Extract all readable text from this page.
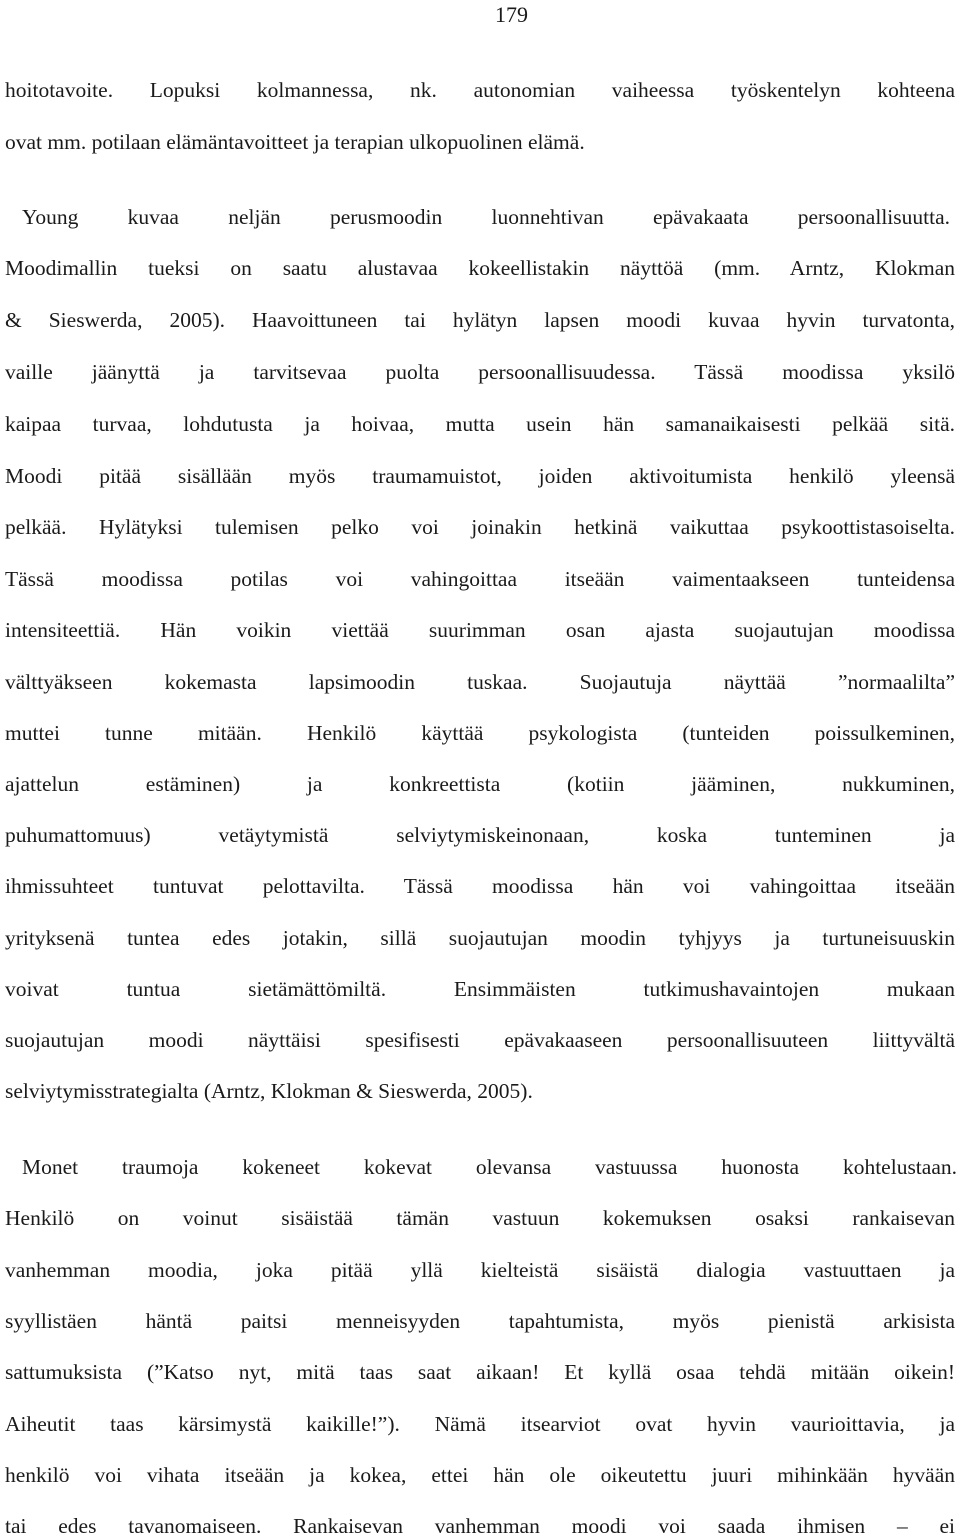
179
hoitotavoite. Lopuksi kolmannessa, nk. autonomian vaiheessa työskentelyn kohteena
ovat mm. potilaan elämäntavoitteet ja terapian ulkopuolinen elämä.
Young kuvaa neljän perusmoodin luonnehtivan epävakaata persoonallisuutta.
Moodimallin tueksi on saatu alustavaa kokeellistakin näyttöä (mm. Arntz, Klokman
& Sieswerda, 2005). Haavoittuneen tai hylätyn lapsen moodi kuvaa hyvin turvatonta,
vaille jäänyttä ja tarvitsevaa puolta persoonallisuudessa. Tässä moodissa yksilö
kaipaa turvaa, lohdutusta ja hoivaa, mutta usein hän samanaikaisesti pelkää sitä.
Moodi pitää sisällään myös traumamuistot, joiden aktivoitumista henkilö yleensä
pelkää. Hylätyksi tulemisen pelko voi joinakin hetkinä vaikuttaa psykoottistasoiselta.
Tässä moodissa potilas voi vahingoittaa itseään vaimentaakseen tunteidensa
intensiteettiä. Hän voikin viettää suurimman osan ajasta suojautujan moodissa
välttyäkseen kokemasta lapsimoodin tuskaa. Suojautuja näyttää ”normaalilta”
muttei tunne mitään. Henkilö käyttää psykologista (tunteiden poissulkeminen,
ajattelun estäminen) ja konkreettista (kotiin jääminen, nukkuminen,
puhumattomuus) vetäytymistä selviytymiskeinonaan, koska tunteminen ja
ihmissuhteet tuntuvat pelottavilta. Tässä moodissa hän voi vahingoittaa itseään
yrityksenä tuntea edes jotakin, sillä suojautujan moodin tyhjyys ja turtuneisuuskin
voivat tuntua sietämättömiltä. Ensimmäisten tutkimushavaintojen mukaan
suojautujan moodi näyttäisi spesifisesti epävakaaseen persoonallisuuteen liittyvältä
selviytymisstrategialta (Arntz, Klokman & Sieswerda, 2005).
Monet traumoja kokeneet kokevat olevansa vastuussa huonosta kohtelustaan.
Henkilö on voinut sisäistää tämän vastuun kokemuksen osaksi rankaisevan
vanhemman moodia, joka pitää yllä kielteistä sisäistä dialogia vastuuttaen ja
syyllistäen häntä paitsi menneisyyden tapahtumista, myös pienistä arkisista
sattumuksista (”Katso nyt, mitä taas saat aikaan! Et kyllä osaa tehdä mitään oikein!
Aiheutit taas kärsimystä kaikille!”). Nämä itsearviot ovat hyvin vaurioittavia, ja
henkilö voi vihata itseään ja kokea, ettei hän ole oikeutettu juuri mihinkään hyvään
tai edes tavanomaiseen. Rankaisevan vanhemman moodi voi saada ihmisen – ei
